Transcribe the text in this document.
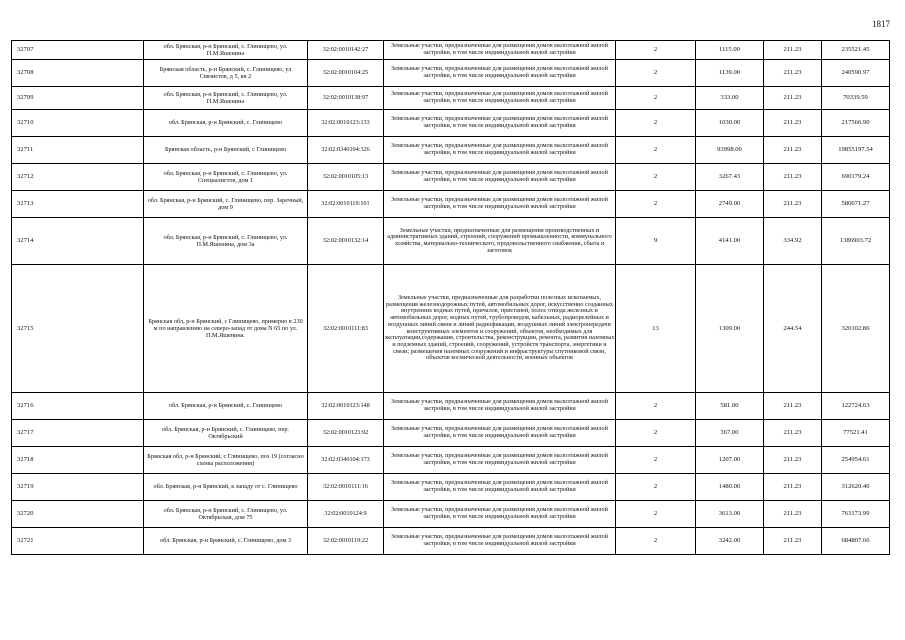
1817
32707	обл. Брянская, р-н Брянский, с. Глинищево, ул. П.М.Яшенина	32:02:0010142:27	Земельные участки, предназначенные для размещения домов малоэтажной жилой застройки, в том числе индивидуальной жилой застройки	2	1115.00	211.23	235521.45
32708	Брянская область, р-н Брянский, с. Глинищево, ул Связистов, д 5, кв 2	32:02:0010104:25	Земельные участки, предназначенные для размещения домов малоэтажной жилой застройки, в том числе индивидуальной жилой застройки	2	1139.00	211.23	240590.97
32709	обл. Брянская, р-н Брянский, с. Глинищево, ул. П.М.Яшенина	32:02:0010138:97	Земельные участки, предназначенные для размещения домов малоэтажной жилой застройки, в том числе индивидуальной жилой застройки	2	333.00	211.23	70339.59
32710	обл. Брянская, р-н Брянский, с. Глинищево	32:02:0010123:133	Земельные участки, предназначенные для размещения домов малоэтажной жилой застройки, в том числе индивидуальной жилой застройки	2	1030.00	211.23	217566.90
32711	Брянская область, р-н Брянский, с Глинищево	32:02:0340104:326	Земельные участки, предназначенные для размещения домов малоэтажной жилой застройки, в том числе индивидуальной жилой застройки	2	93998.00	211.23	19855197.54
32712	обл. Брянская, р-н Брянский, с. Глинищево, ул. Специалистов, дом 1	32:02:0010105:13	Земельные участки, предназначенные для размещения домов малоэтажной жилой застройки, в том числе индивидуальной жилой застройки	2	3267.43	211.23	690179.24
32713	обл. Брянская, р-н Брянский, с. Глинищево, пер. Заречный, дом 9	32:02:0010119:101	Земельные участки, предназначенные для размещения домов малоэтажной жилой застройки, в том числе индивидуальной жилой застройки	2	2749.00	211.23	580671.27
32714	обл. Брянская, р-н Брянский, с. Глинищево, ул. П.М.Яшенина, дом 3а	32:02:0010132:14	Земельные участки, предназначенные для размещения производственных и административных зданий, строений, сооружений промышленности, коммунального хозяйства, материально-технического, продовольственного снабжения, сбыта и заготовок	9	4141.00	334.92	1386903.72
32715	Брянская обл, р-н Брянский, с Глинищево, примерно в 230 м по направлению на северо-запад от дома N 65 по ул. П.М.Яшенина.	32:02:0010111:83	Земельные участки, предназначенные для разработки полезных ископаемых, размещения железнодорожных путей, автомобильных дорог, искусственно созданных внутренних водных путей, причалов, пристаней, полос отвода железных и автомобильных дорог, водных путей, трубопроводов, кабельных, радиорелейных и воздушных линий связи и линий радиофикации, воздушных линий электропередачи конструктивных элементов и сооружений, объектов, необходимых для эксплуатации,содержания, строительства, реконструкции, ремонта, развития наземных и подземных зданий, строений, сооружений, устройств транспорта, энергетики и связи; размещения наземных сооружений и инфраструктуры спутниковой связи, объектов космической деятельности, военных объектов	13	1309.00	244.54	320102.86
32716	обл. Брянская, р-н Брянский, с. Глинищево	32:02:0010123:148	Земельные участки, предназначенные для размещения домов малоэтажной жилой застройки, в том числе индивидуальной жилой застройки	2	581.00	211.23	122724.63
32717	обл. Брянская, р-н Брянский, с. Глинищево, пер. Октябрьский	32:02:0010123:92	Земельные участки, предназначенные для размещения домов малоэтажной жилой застройки, в том числе индивидуальной жилой застройки	2	367.00	211.23	77521.41
32718	Брянская обл, р-н Брянский, с Глинищево, поз 19 (согласно схемы расположения)	32:02:0340104:173	Земельные участки, предназначенные для размещения домов малоэтажной жилой застройки, в том числе индивидуальной жилой застройки	2	1207.00	211.23	254954.61
32719	обл. Брянская, р-н Брянский, к западу от с. Глинищево	32:02:0010111:16	Земельные участки, предназначенные для размещения домов малоэтажной жилой застройки, в том числе индивидуальной жилой застройки	2	1480.00	211.23	312620.40
32720	обл. Брянская, р-н Брянский, с. Глинищево, ул. Октябрьская, дом 75	32:02:0010124:9	Земельные участки, предназначенные для размещения домов малоэтажной жилой застройки, в том числе индивидуальной жилой застройки	2	3613.00	211.23	763173.99
32721	обл. Брянская, р-н Брянский, с. Глинищево, дом 3	32:02:0010119:22	Земельные участки, предназначенные для размещения домов малоэтажной жилой застройки, в том числе индивидуальной жилой застройки	2	3242.00	211.23	684807.66
